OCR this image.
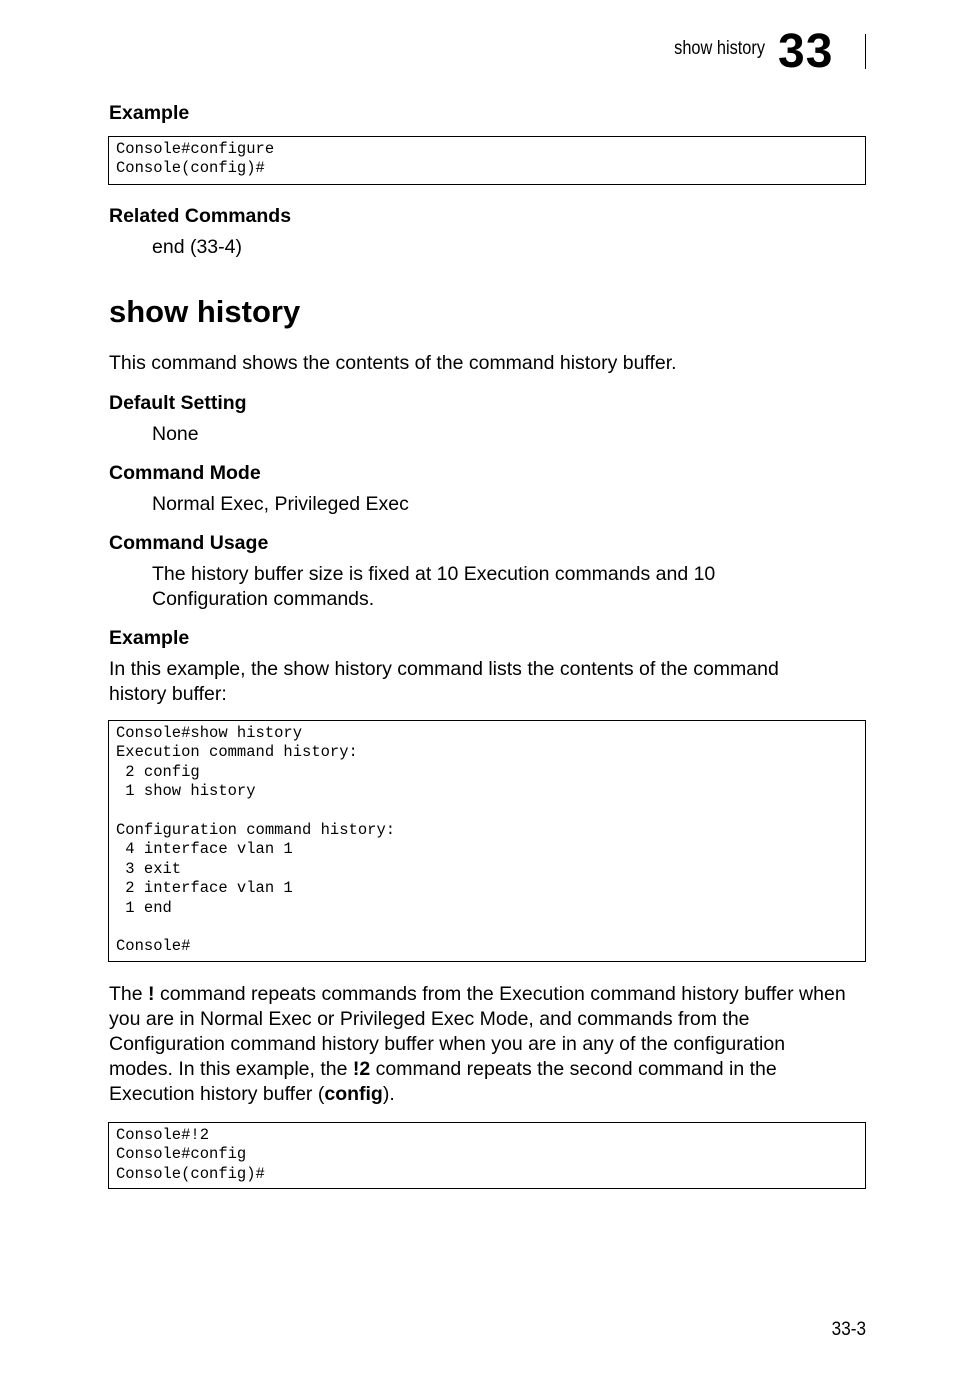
show history 33
Example
Console#configure
Console(config)#
Related Commands
end (33-4)
show history
This command shows the contents of the command history buffer.
Default Setting
None
Command Mode
Normal Exec, Privileged Exec
Command Usage
The history buffer size is fixed at 10 Execution commands and 10 Configuration commands.
Example
In this example, the show history command lists the contents of the command history buffer:
Console#show history
Execution command history:
2 config
1 show history

Configuration command history:
4 interface vlan 1
3 exit
2 interface vlan 1
1 end

Console#
The ! command repeats commands from the Execution command history buffer when you are in Normal Exec or Privileged Exec Mode, and commands from the Configuration command history buffer when you are in any of the configuration modes. In this example, the !2 command repeats the second command in the Execution history buffer (config).
Console#!2
Console#config
Console(config)#
33-3
